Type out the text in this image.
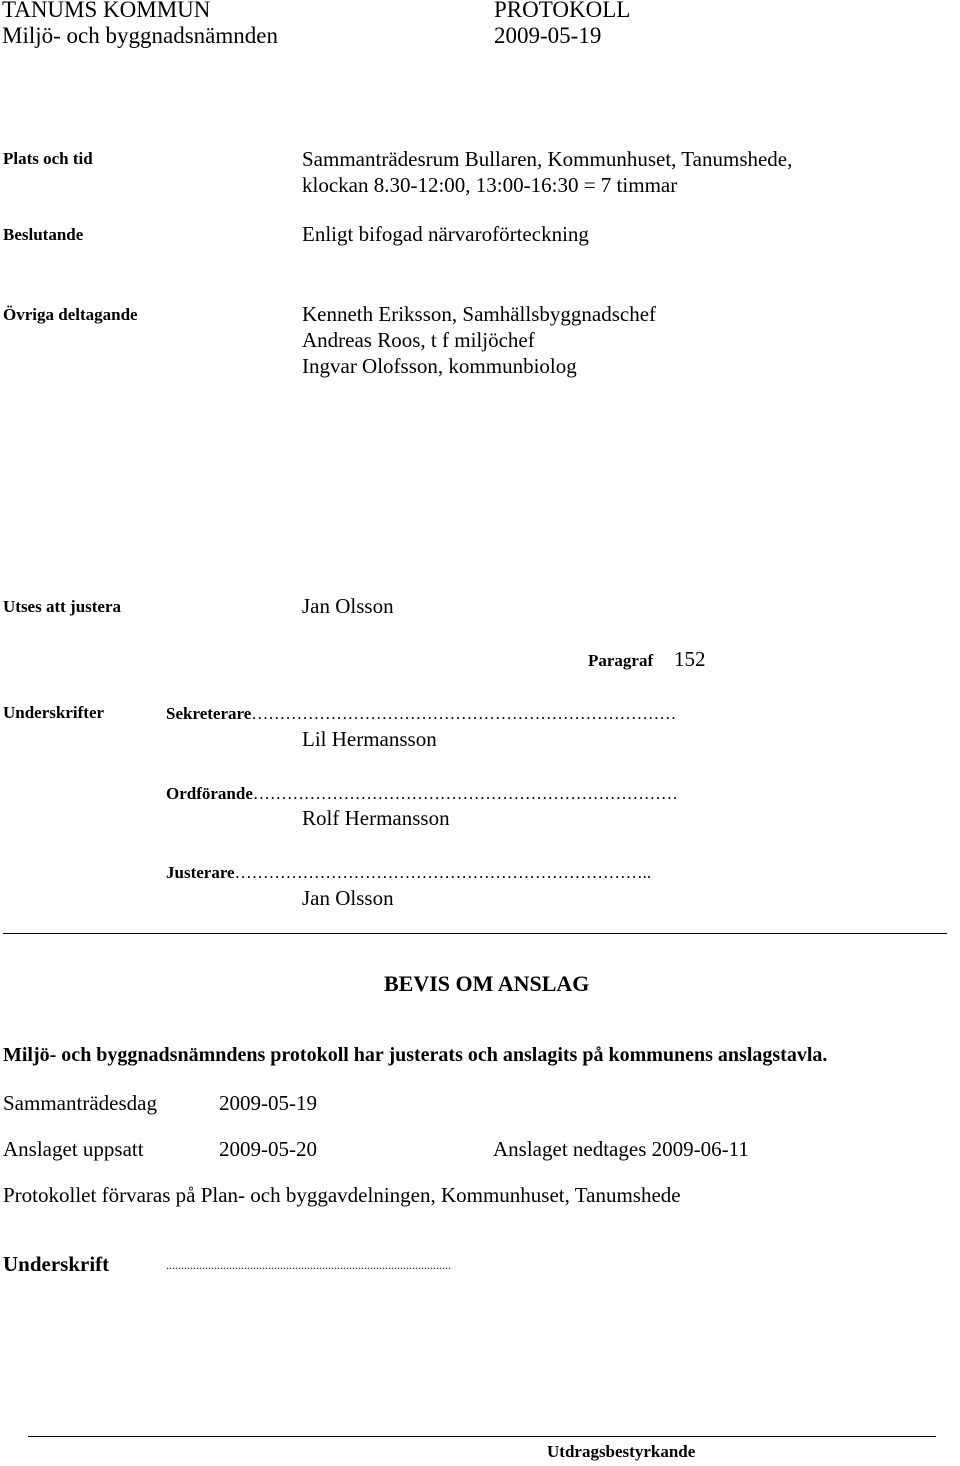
TANUMS KOMMUN	PROTOKOLL
Miljö- och byggnadsnämnden	2009-05-19
Plats och tid	Sammanträdesrum Bullaren, Kommunhuset, Tanumshede,
klockan 8.30-12:00, 13:00-16:30 = 7 timmar
Beslutande	Enligt bifogad närvaroförteckning
Övriga deltagande	Kenneth Eriksson, Samhällsbyggnadschef
Andreas Roos, t f miljöchef
Ingvar Olofsson, kommunbiolog
Utses att justera	Jan Olsson
Paragraf 152
Underskrifter	Sekreterare…………………………………………………………………
Lil Hermansson
Ordförande…………………………………………………………………
Rolf Hermansson
Justerare………………………………………………………………..
Jan Olsson
BEVIS OM ANSLAG
Miljö- och byggnadsnämndens protokoll har justerats och anslagits på kommunens anslagstavla.
Sammanträdesdag	2009-05-19
Anslaget uppsatt	2009-05-20	Anslaget nedtages 2009-06-11
Protokollet förvaras på Plan- och byggavdelningen, Kommunhuset, Tanumshede
Underskrift	...............................................................................................
Utdragsbestyrkande
